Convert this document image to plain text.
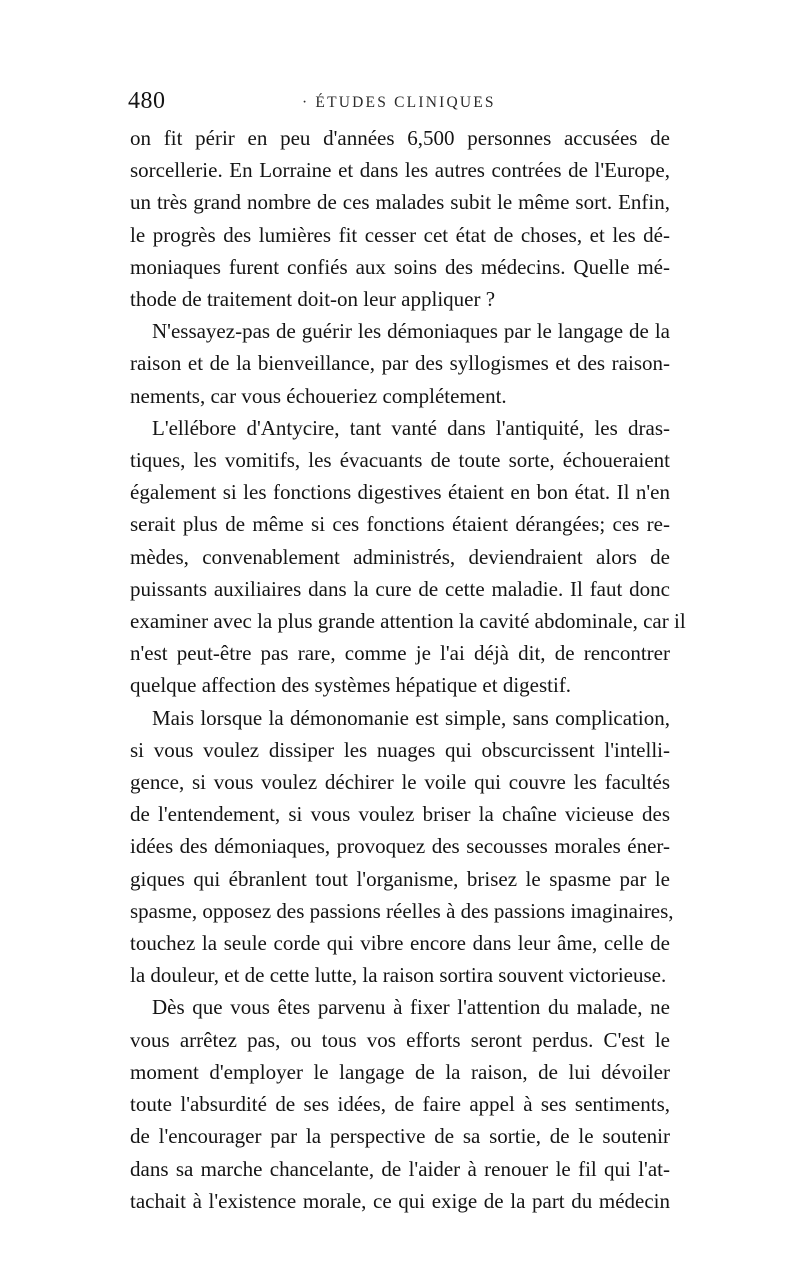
480	· ÉTUDES CLINIQUES
on fit périr en peu d'années 6,500 personnes accusées de
sorcellerie. En Lorraine et dans les autres contrées de l'Europe,
un très grand nombre de ces malades subit le même sort. Enfin,
le progrès des lumières fit cesser cet état de choses, et les dé-
moniaques furent confiés aux soins des médecins. Quelle mé-
thode de traitement doit-on leur appliquer ?
N'essayez-pas de guérir les démoniaques par le langage de la
raison et de la bienveillance, par des syllogismes et des raison-
nements, car vous échoueriez complétement.
L'ellébore d'Antycire, tant vanté dans l'antiquité, les dras-
tiques, les vomitifs, les évacuants de toute sorte, échoueraient
également si les fonctions digestives étaient en bon état. Il n'en
serait plus de même si ces fonctions étaient dérangées; ces re-
mèdes, convenablement administrés, deviendraient alors de
puissants auxiliaires dans la cure de cette maladie. Il faut donc
examiner avec la plus grande attention la cavité abdominale, car il
n'est peut-être pas rare, comme je l'ai déjà dit, de rencontrer
quelque affection des systèmes hépatique et digestif.
Mais lorsque la démonomanie est simple, sans complication,
si vous voulez dissiper les nuages qui obscurcissent l'intelli-
gence, si vous voulez déchirer le voile qui couvre les facultés
de l'entendement, si vous voulez briser la chaîne vicieuse des
idées des démoniaques, provoquez des secousses morales éner-
giques qui ébranlent tout l'organisme, brisez le spasme par le
spasme, opposez des passions réelles à des passions imaginaires,
touchez la seule corde qui vibre encore dans leur âme, celle de
la douleur, et de cette lutte, la raison sortira souvent victorieuse.
Dès que vous êtes parvenu à fixer l'attention du malade, ne
vous arrêtez pas, ou tous vos efforts seront perdus. C'est le
moment d'employer le langage de la raison, de lui dévoiler
toute l'absurdité de ses idées, de faire appel à ses sentiments,
de l'encourager par la perspective de sa sortie, de le soutenir
dans sa marche chancelante, de l'aider à renouer le fil qui l'at-
tachait à l'existence morale, ce qui exige de la part du médecin
